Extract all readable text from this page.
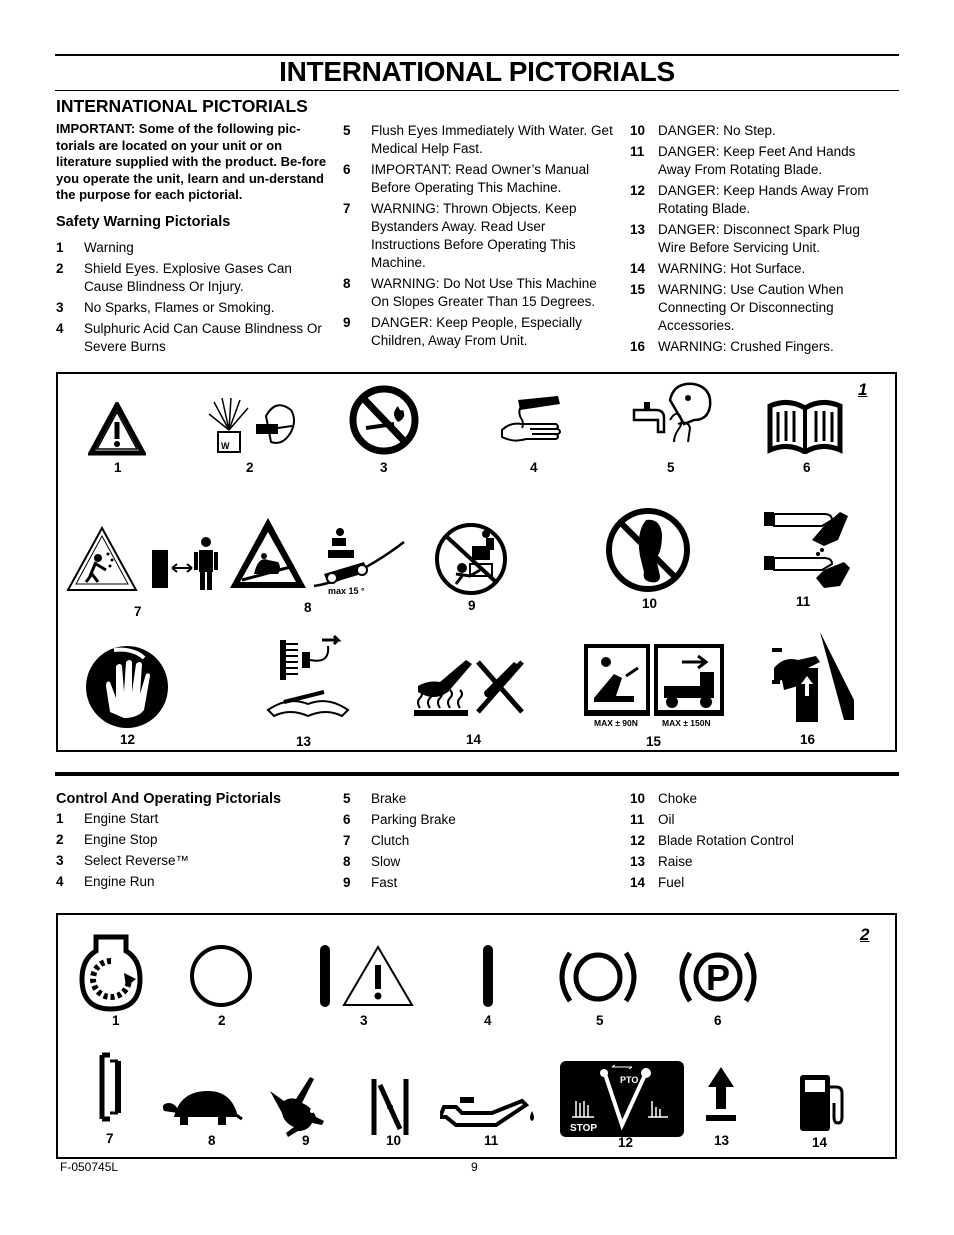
INTERNATIONAL PICTORIALS
INTERNATIONAL PICTORIALS
IMPORTANT: Some of the following pic-torials are located on your unit or on literature supplied with the product. Be-fore you operate the unit, learn and un-derstand the purpose for each pictorial.
Safety Warning Pictorials
1	Warning
2	Shield Eyes. Explosive Gases Can Cause Blindness Or Injury.
3	No Sparks, Flames or Smoking.
4	Sulphuric Acid Can Cause Blindness Or Severe Burns
5	Flush Eyes Immediately With Water. Get Medical Help Fast.
6	IMPORTANT: Read Owner’s Manual Before Operating This Machine.
7	WARNING: Thrown Objects. Keep Bystanders Away. Read User Instructions Before Operating This Machine.
8	WARNING: Do Not Use This Machine On Slopes Greater Than 15 Degrees.
9	DANGER: Keep People, Especially Children, Away From Unit.
10 DANGER: No Step.
11	DANGER: Keep Feet And Hands Away From Rotating Blade.
12 DANGER: Keep Hands Away From Rotating Blade.
13 DANGER: Disconnect Spark Plug Wire Before Servicing Unit.
14 WARNING: Hot Surface.
15 WARNING: Use Caution When Connecting Or Disconnecting Accessories.
16 WARNING: Crushed Fingers.
1
W
1	2	3	4	5	6
max 15 °
7	8	9	10	11
MAX ± 90N	MAX ± 150N
12	13	14	15	16
Control And Operating Pictorials
1	Engine Start
2	Engine Stop
3	Select Reverse™
4	Engine Run
5	Brake
6	Parking Brake
7	Clutch
8	Slow
9	Fast
10 Choke
11	Oil
12 Blade Rotation Control
13 Raise
14 Fuel
2
P
1	2	3	4	5	6
PTO
STOP
7	8	9	10	11	12	13	14
F-050745L	9
